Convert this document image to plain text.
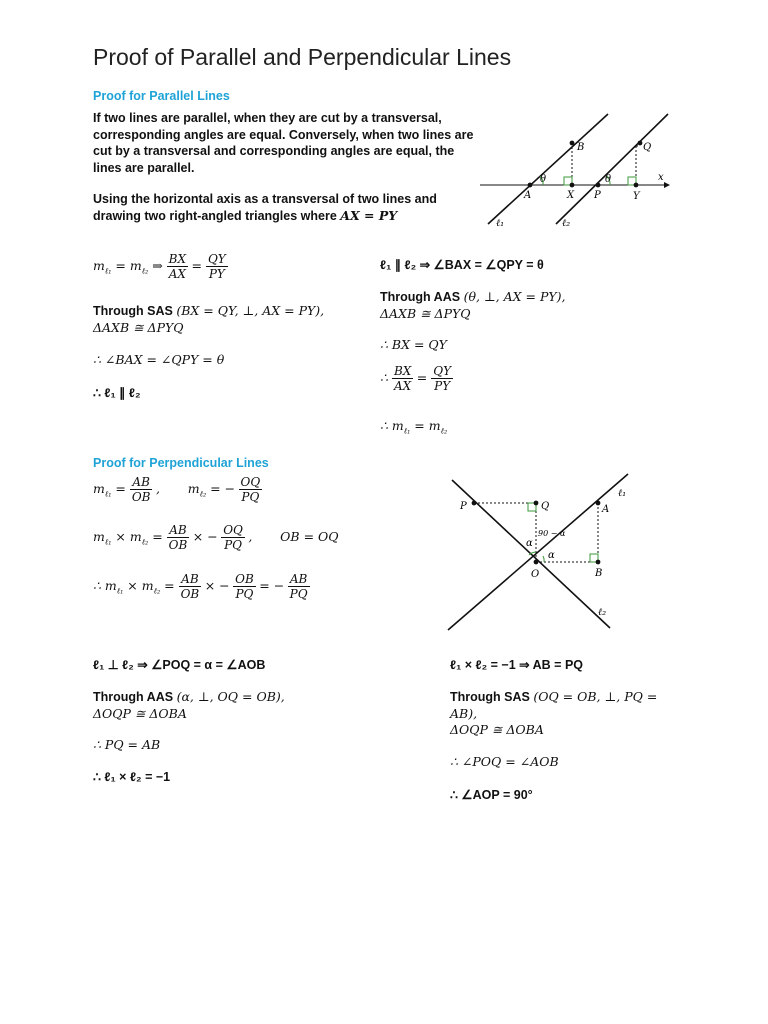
Proof of Parallel and Perpendicular Lines
Proof for Parallel Lines

If two lines are parallel, when they are cut by a transversal, corresponding angles are equal. Conversely, when two lines are cut by a transversal and corresponding angles are equal, the lines are parallel.

Using the horizontal axis as a transversal of two lines and drawing two right-angled triangles where AX = PY

A	X P	Y
B	Q
x
θ	θ
ℓ₁	ℓ₂
$m_{\ell_1} = m_{\ell_2}$ ⇒ $\frac{BX}{AX} = \frac{QY}{PY}$
Through SAS (BX = QY, ⊥, AX = PY),
ΔAXB ≅ ΔPYQ
∴ ∠BAX = ∠QPY = θ
∴ ℓ₁ ∥ ℓ₂
ℓ₁ ∥ ℓ₂ ⇒ ∠BAX = ∠QPY = θ
Through AAS (θ, ⊥, AX = PY),
ΔAXB ≅ ΔPYQ
∴ BX = QY
∴ $\frac{BX}{AX} = \frac{QY}{PY}$
∴ $m_{\ell_1} = m_{\ell_2}$
Proof for Perpendicular Lines
$m_{\ell_1} = \frac{AB}{OB}$ ,       $m_{\ell_2}$ = − $\frac{OQ}{PQ}$
$m_{\ell_1} \times m_{\ell_2} = \frac{AB}{OB}$ × − $\frac{OQ}{PQ}$ ,       OB = OQ
∴ $m_{\ell_1} \times m_{\ell_2} = \frac{AB}{OB}$ × − $\frac{OB}{PQ}$ = − $\frac{AB}{PQ}$
P	Q	A
B
O
α
α
90 − α
ℓ₁
ℓ₂
ℓ₁ ⊥ ℓ₂ ⇒ ∠POQ = α = ∠AOB
Through AAS (α, ⊥, OQ = OB),
ΔOQP ≅ ΔOBA
∴ PQ = AB
∴ ℓ₁ × ℓ₂ = −1
ℓ₁ × ℓ₂ = −1 ⇒ AB = PQ
Through SAS (OQ = OB, ⊥, PQ =
AB),
ΔOQP ≅ ΔOBA
∴ ∠POQ = ∠AOB
∴ ∠AOP = 90°
